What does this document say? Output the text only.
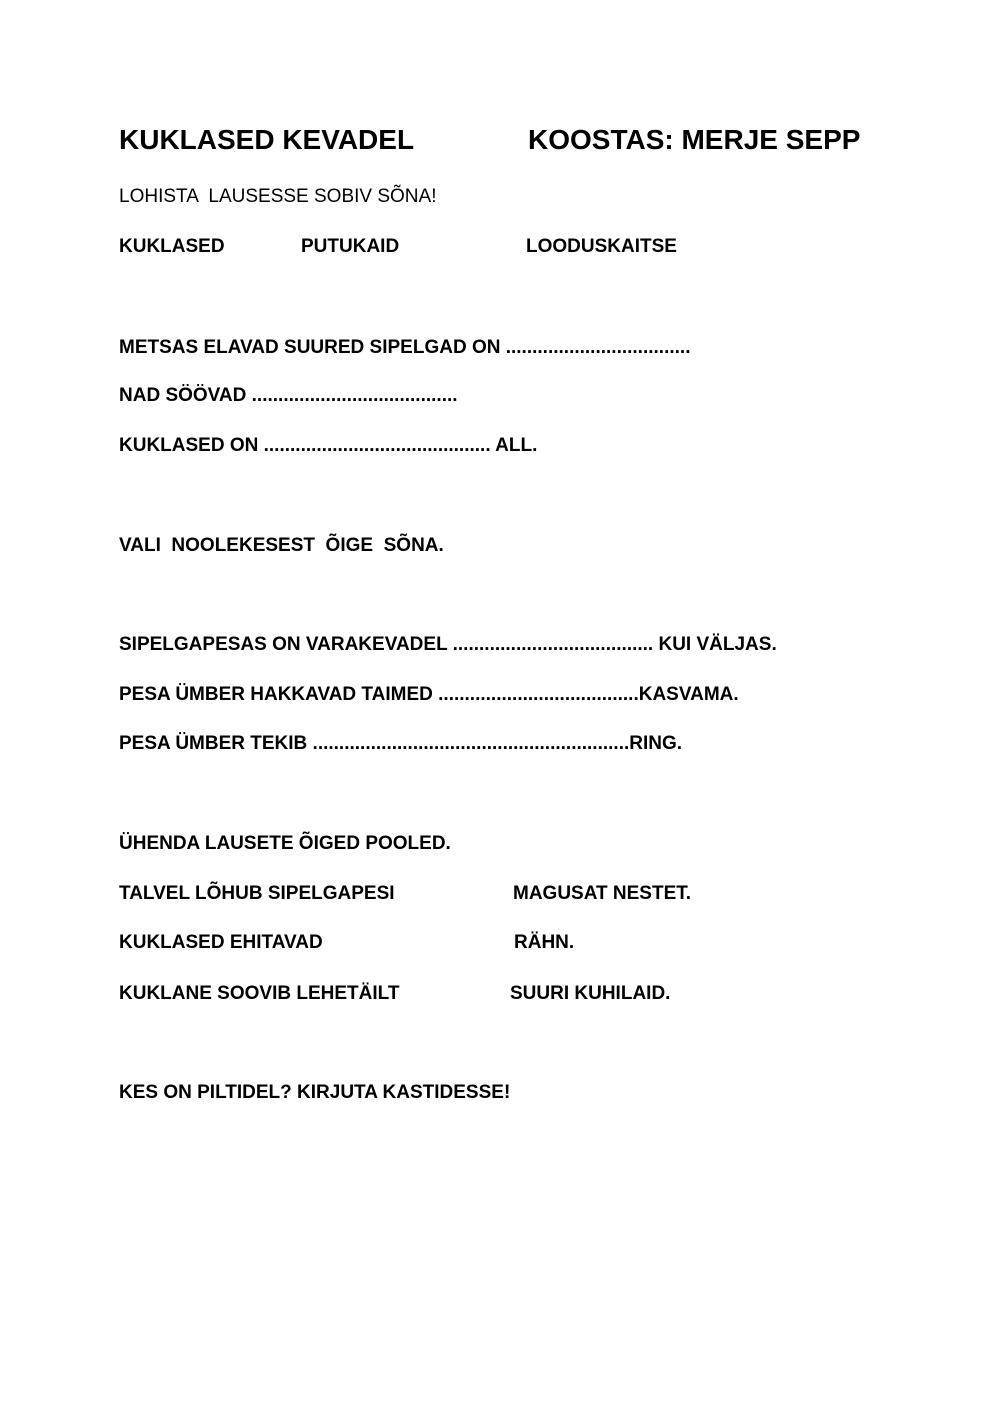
KUKLASED KEVADEL	KOOSTAS: MERJE SEPP
LOHISTA  LAUSESSE SOBIV SÕNA!
KUKLASED	PUTUKAID	LOODUSKAITSE
METSAS ELAVAD SUURED SIPELGAD ON ...................................
NAD SÖÖVAD .......................................
KUKLASED ON ........................................... ALL.
VALI  NOOLEKESEST  ÕIGE  SÕNA.
SIPELGAPESAS ON VARAKEVADEL ...................................... KUI VÄLJAS.
PESA ÜMBER HAKKAVAD TAIMED ......................................KASVAMA.
PESA ÜMBER TEKIB ............................................................RING.
ÜHENDA LAUSETE ÕIGED POOLED.
TALVEL LÕHUB SIPELGAPESI	MAGUSAT NESTET.
KUKLASED EHITAVAD	RÄHN.
KUKLANE SOOVIB LEHETÄILT	SUURI KUHILAID.
KES ON PILTIDEL? KIRJUTA KASTIDESSE!
